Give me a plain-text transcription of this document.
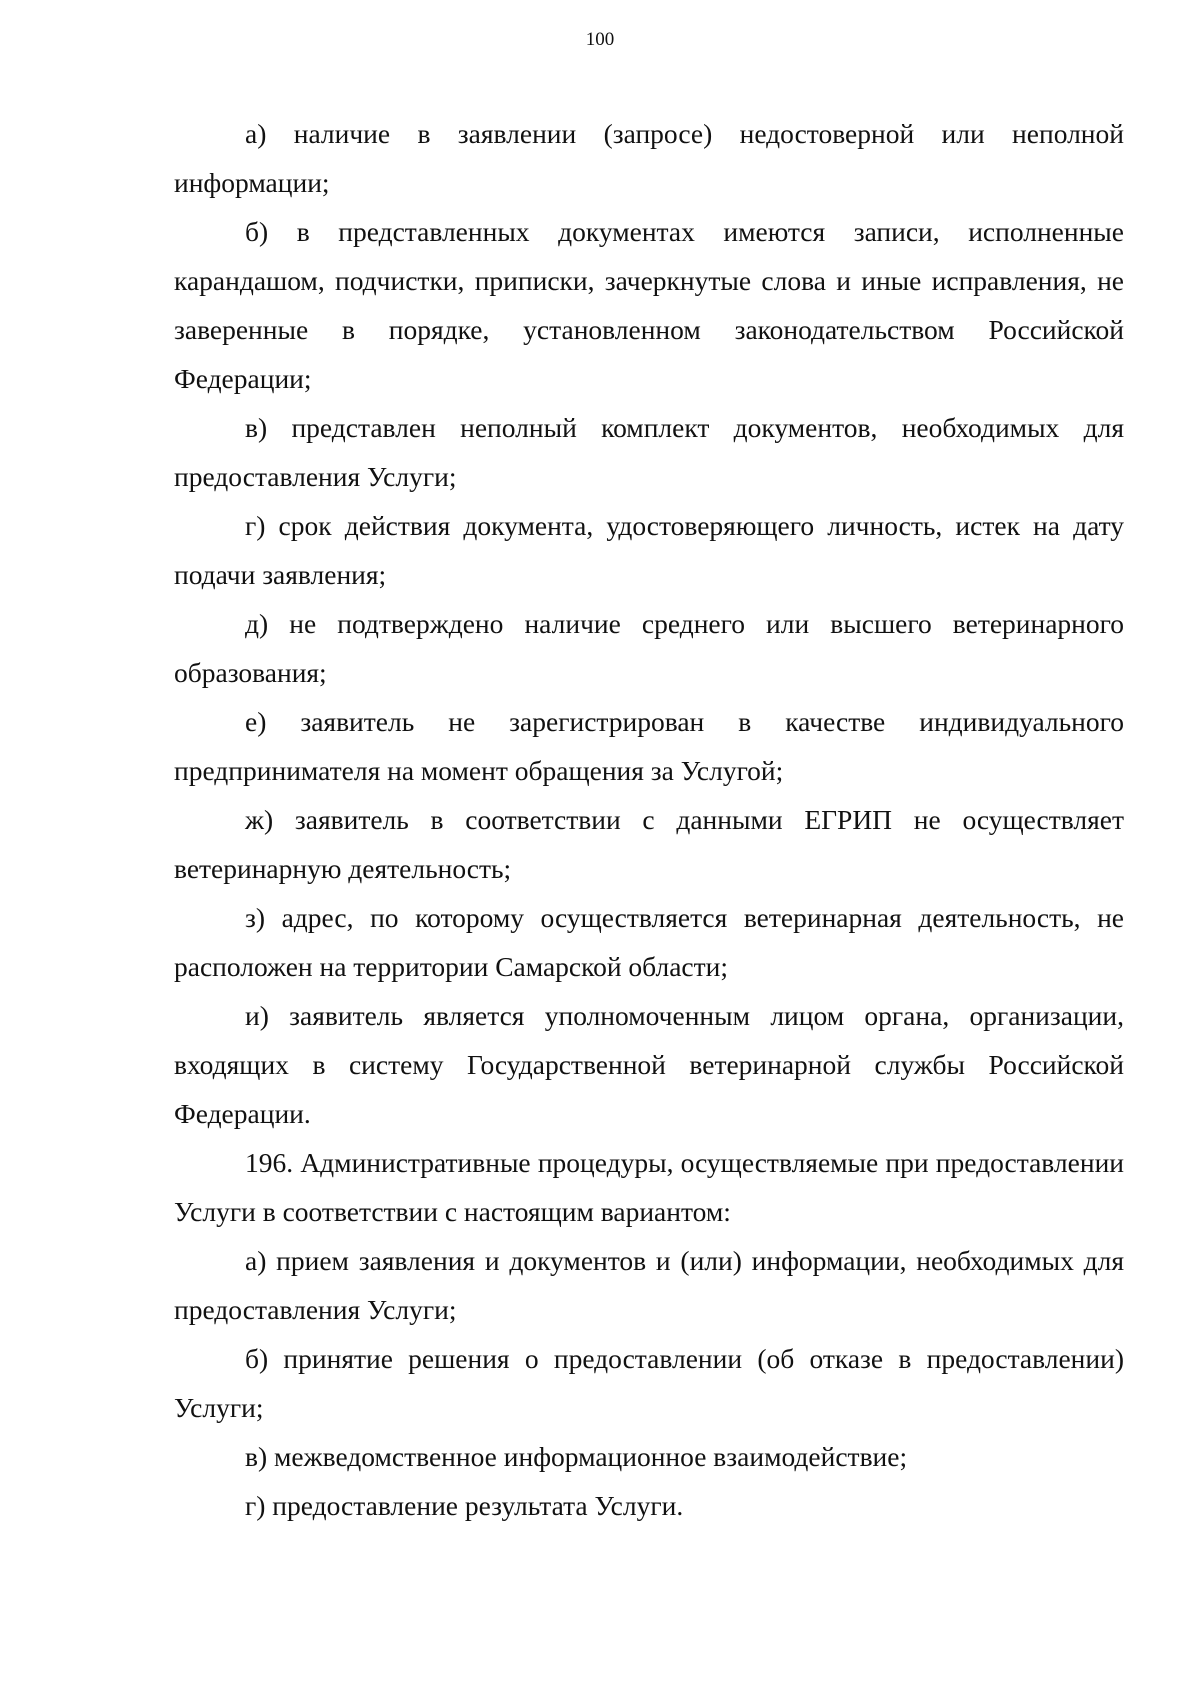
100

а) наличие в заявлении (запросе) недостоверной или неполной информации;

б) в представленных документах имеются записи, исполненные карандашом, подчистки, приписки, зачеркнутые слова и иные исправления, не заверенные в порядке, установленном законодательством Российской Федерации;

в) представлен неполный комплект документов, необходимых для предоставления Услуги;

г) срок действия документа, удостоверяющего личность, истек на дату подачи заявления;

д) не подтверждено наличие среднего или высшего ветеринарного образования;

е) заявитель не зарегистрирован в качестве индивидуального предпринимателя на момент обращения за Услугой;

ж) заявитель в соответствии с данными ЕГРИП не осуществляет ветеринарную деятельность;

з) адрес, по которому осуществляется ветеринарная деятельность, не расположен на территории Самарской области;

и) заявитель является уполномоченным лицом органа, организации, входящих в систему Государственной ветеринарной службы Российской Федерации.

196. Административные процедуры, осуществляемые при предоставлении Услуги в соответствии с настоящим вариантом:

а) прием заявления и документов и (или) информации, необходимых для предоставления Услуги;

б) принятие решения о предоставлении (об отказе в предоставлении) Услуги;

в) межведомственное информационное взаимодействие;

г) предоставление результата Услуги.
